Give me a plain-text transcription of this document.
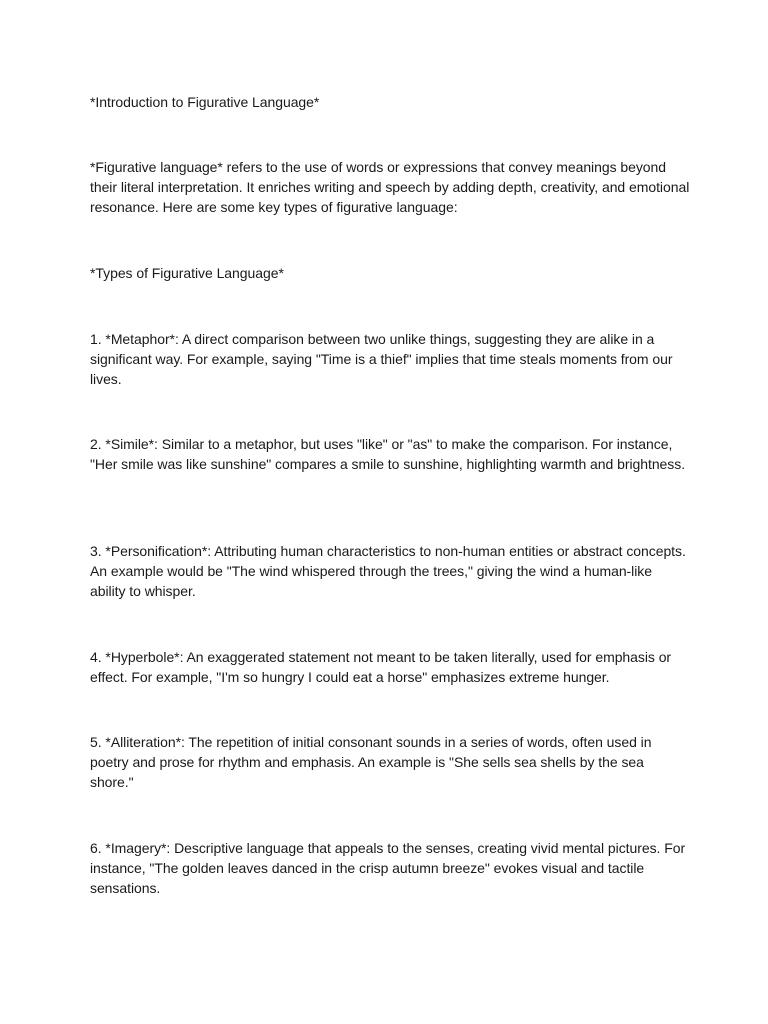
*Introduction to Figurative Language*

*Figurative language* refers to the use of words or expressions that convey meanings beyond their literal interpretation. It enriches writing and speech by adding depth, creativity, and emotional resonance. Here are some key types of figurative language:

*Types of Figurative Language*

1. *Metaphor*: A direct comparison between two unlike things, suggesting they are alike in a significant way. For example, saying "Time is a thief" implies that time steals moments from our lives.

2. *Simile*: Similar to a metaphor, but uses "like" or "as" to make the comparison. For instance, "Her smile was like sunshine" compares a smile to sunshine, highlighting warmth and brightness.

3. *Personification*: Attributing human characteristics to non-human entities or abstract concepts. An example would be "The wind whispered through the trees," giving the wind a human-like ability to whisper.

4. *Hyperbole*: An exaggerated statement not meant to be taken literally, used for emphasis or effect. For example, "I'm so hungry I could eat a horse" emphasizes extreme hunger.

5. *Alliteration*: The repetition of initial consonant sounds in a series of words, often used in poetry and prose for rhythm and emphasis. An example is "She sells sea shells by the sea shore."

6. *Imagery*: Descriptive language that appeals to the senses, creating vivid mental pictures. For instance, "The golden leaves danced in the crisp autumn breeze" evokes visual and tactile sensations.
